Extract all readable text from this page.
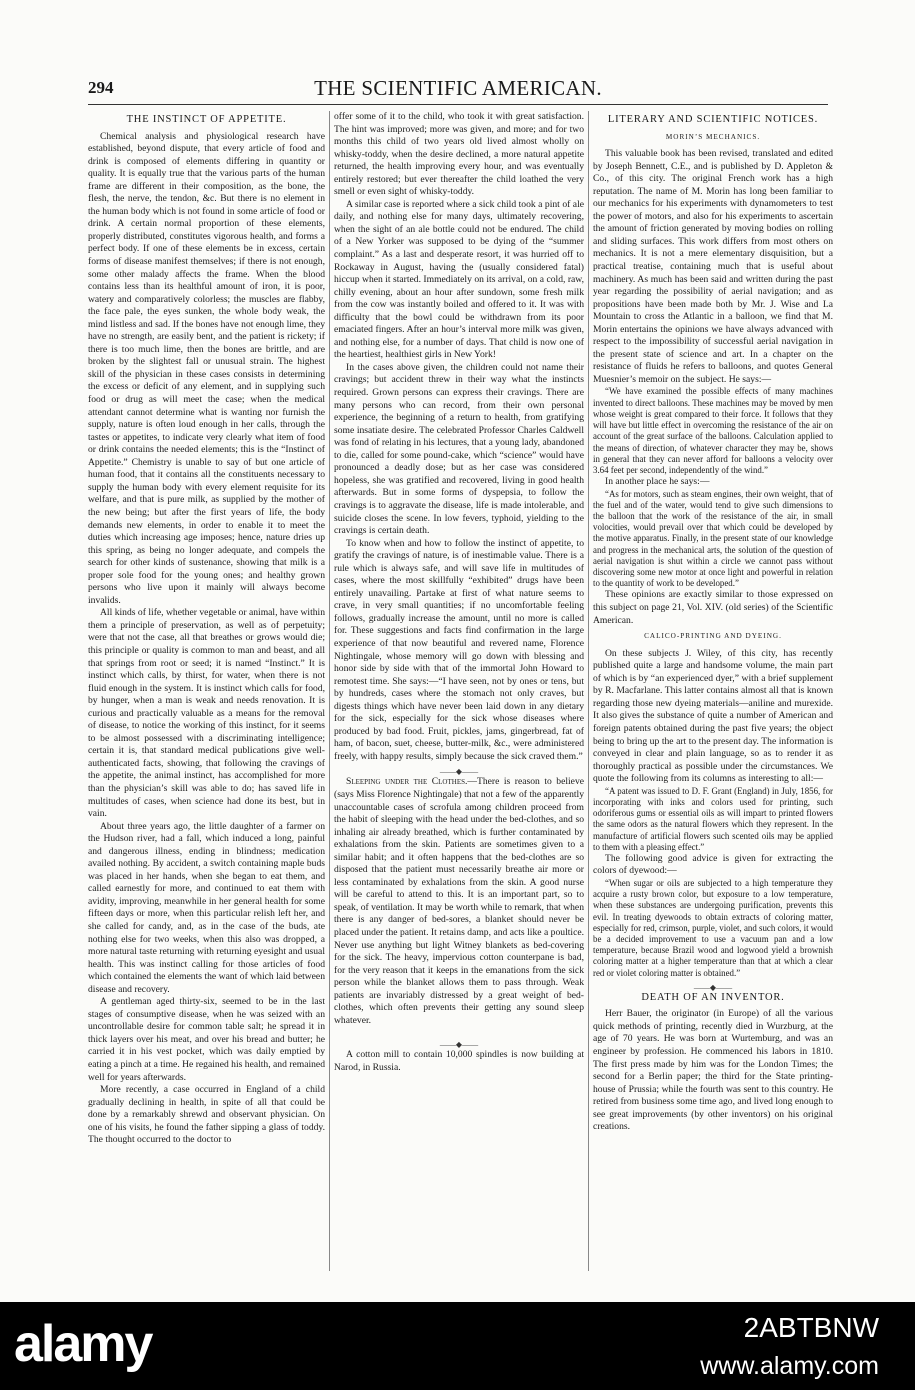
294	THE SCIENTIFIC AMERICAN.
THE INSTINCT OF APPETITE.

Chemical analysis and physiological research have established, beyond dispute, that every article of food and drink is composed of elements differing in quantity or quality. It is equally true that the various parts of the human frame are different in their composition, as the bone, the flesh, the nerve, the tendon, &c. But there is no element in the human body which is not found in some article of food or drink. A certain normal proportion of these elements, properly distributed, constitutes vigorous health, and forms a perfect body. If one of these elements be in excess, certain forms of disease manifest themselves; if there is not enough, some other malady affects the frame. When the blood contains less than its healthful amount of iron, it is poor, watery and comparatively colorless; the muscles are flabby, the face pale, the eyes sunken, the whole body weak, the mind listless and sad. If the bones have not enough lime, they have no strength, are easily bent, and the patient is rickety; if there is too much lime, then the bones are brittle, and are broken by the slightest fall or unusual strain. The highest skill of the physician in these cases consists in determining the excess or deficit of any element, and in supplying such food or drug as will meet the case; when the medical attendant cannot determine what is wanting nor furnish the supply, nature is often loud enough in her calls, through the tastes or appetites, to indicate very clearly what item of food or drink contains the needed elements; this is the “Instinct of Appetite.” Chemistry is unable to say of but one article of human food, that it contains all the constituents necessary to supply the human body with every element requisite for its welfare, and that is pure milk, as supplied by the mother of the new being; but after the first years of life, the body demands new elements, in order to enable it to meet the duties which increasing age imposes; hence, nature dries up this spring, as being no longer adequate, and compels the search for other kinds of sustenance, showing that milk is a proper sole food for the young ones; and healthy grown persons who live upon it mainly will always become invalids.

All kinds of life, whether vegetable or animal, have within them a principle of preservation, as well as of perpetuity; were that not the case, all that breathes or grows would die; this principle or quality is common to man and beast, and all that springs from root or seed; it is named “Instinct.” It is instinct which calls, by thirst, for water, when there is not fluid enough in the system. It is instinct which calls for food, by hunger, when a man is weak and needs renovation. It is curious and practically valuable as a means for the removal of disease, to notice the working of this instinct, for it seems to be almost possessed with a discriminating intelligence; certain it is, that standard medical publications give well-authenticated facts, showing, that following the cravings of the appetite, the animal instinct, has accomplished for more than the physician’s skill was able to do; has saved life in multitudes of cases, when science had done its best, but in vain.

About three years ago, the little daughter of a farmer on the Hudson river, had a fall, which induced a long, painful and dangerous illness, ending in blindness; medication availed nothing. By accident, a switch containing maple buds was placed in her hands, when she began to eat them, and called earnestly for more, and continued to eat them with avidity, improving, meanwhile in her general health for some fifteen days or more, when this particular relish left her, and she called for candy, and, as in the case of the buds, ate nothing else for two weeks, when this also was dropped, a more natural taste returning with returning eyesight and usual health. This was instinct calling for those articles of food which contained the elements the want of which laid between disease and recovery.

A gentleman aged thirty-six, seemed to be in the last stages of consumptive disease, when he was seized with an uncontrollable desire for common table salt; he spread it in thick layers over his meat, and over his bread and butter; he carried it in his vest pocket, which was daily emptied by eating a pinch at a time. He regained his health, and remained well for years afterwards.

More recently, a case occurred in England of a child gradually declining in health, in spite of all that could be done by a remarkably shrewd and observant physician. On one of his visits, he found the father sipping a glass of toddy. The thought occurred to the doctor to

offer some of it to the child, who took it with great satisfaction. The hint was improved; more was given, and more; and for two months this child of two years old lived almost wholly on whisky-toddy, when the desire declined, a more natural appetite returned, the health improving every hour, and was eventually entirely restored; but ever thereafter the child loathed the very smell or even sight of whisky-toddy.

A similar case is reported where a sick child took a pint of ale daily, and nothing else for many days, ultimately recovering, when the sight of an ale bottle could not be endured. The child of a New Yorker was supposed to be dying of the “summer complaint.” As a last and desperate resort, it was hurried off to Rockaway in August, having the (usually considered fatal) hiccup when it started. Immediately on its arrival, on a cold, raw, chilly evening, about an hour after sundown, some fresh milk from the cow was instantly boiled and offered to it. It was with difficulty that the bowl could be withdrawn from its poor emaciated fingers. After an hour’s interval more milk was given, and nothing else, for a number of days. That child is now one of the heartiest, healthiest girls in New York!

In the cases above given, the children could not name their cravings; but accident threw in their way what the instincts required. Grown persons can express their cravings. There are many persons who can record, from their own personal experience, the beginning of a return to health, from gratifying some insatiate desire. The celebrated Professor Charles Caldwell was fond of relating in his lectures, that a young lady, abandoned to die, called for some pound-cake, which “science” would have pronounced a deadly dose; but as her case was considered hopeless, she was gratified and recovered, living in good health afterwards. But in some forms of dyspepsia, to follow the cravings is to aggravate the disease, life is made intolerable, and suicide closes the scene. In low fevers, typhoid, yielding to the cravings is certain death.

To know when and how to follow the instinct of appetite, to gratify the cravings of nature, is of inestimable value. There is a rule which is always safe, and will save life in multitudes of cases, where the most skillfully “exhibited” drugs have been entirely unavailing. Partake at first of what nature seems to crave, in very small quantities; if no uncomfortable feeling follows, gradually increase the amount, until no more is called for. These suggestions and facts find confirmation in the large experience of that now beautiful and revered name, Florence Nightingale, whose memory will go down with blessing and honor side by side with that of the immortal John Howard to remotest time. She says:—“I have seen, not by ones or tens, but by hundreds, cases where the stomach not only craves, but digests things which have never been laid down in any dietary for the sick, especially for the sick whose diseases where produced by bad food. Fruit, pickles, jams, gingerbread, fat of ham, of bacon, suet, cheese, butter-milk, &c., were administered freely, with happy results, simply because the sick craved them.”

——◆——

Sleeping under the Clothes.—There is reason to believe (says Miss Florence Nightingale) that not a few of the apparently unaccountable cases of scrofula among children proceed from the habit of sleeping with the head under the bed-clothes, and so inhaling air already breathed, which is further contaminated by exhalations from the skin. Patients are sometimes given to a similar habit; and it often happens that the bed-clothes are so disposed that the patient must necessarily breathe air more or less contaminated by exhalations from the skin. A good nurse will be careful to attend to this. It is an important part, so to speak, of ventilation. It may be worth while to remark, that when there is any danger of bed-sores, a blanket should never be placed under the patient. It retains damp, and acts like a poultice. Never use anything but light Witney blankets as bed-covering for the sick. The heavy, impervious cotton counterpane is bad, for the very reason that it keeps in the emanations from the sick person while the blanket allows them to pass through. Weak patients are invariably distressed by a great weight of bed-clothes, which often prevents their getting any sound sleep whatever.

——◆——

A cotton mill to contain 10,000 spindles is now building at Narod, in Russia.

LITERARY AND SCIENTIFIC NOTICES.
MORIN’S MECHANICS.

This valuable book has been revised, translated and edited by Joseph Bennett, C.E., and is published by D. Appleton & Co., of this city. The original French work has a high reputation. The name of M. Morin has long been familiar to our mechanics for his experiments with dynamometers to test the power of motors, and also for his experiments to ascertain the amount of friction generated by moving bodies on rolling and sliding surfaces. This work differs from most others on mechanics. It is not a mere elementary disquisition, but a practical treatise, containing much that is useful about machinery. As much has been said and written during the past year regarding the possibility of aerial navigation; and as propositions have been made both by Mr. J. Wise and La Mountain to cross the Atlantic in a balloon, we find that M. Morin entertains the opinions we have always advanced with respect to the impossibility of successful aerial navigation in the present state of science and art. In a chapter on the resistance of fluids he refers to balloons, and quotes General Muesnier’s memoir on the subject. He says:—

“We have examined the possible effects of many machines invented to direct balloons. These machines may be moved by men whose weight is great compared to their force. It follows that they will have but little effect in overcoming the resistance of the air on account of the great surface of the balloons. Calculation applied to the means of direction, of whatever character they may be, shows in general that they can never afford for balloons a velocity over 3.64 feet per second, independently of the wind.”

In another place he says:—

“As for motors, such as steam engines, their own weight, that of the fuel and of the water, would tend to give such dimensions to the balloon that the work of the resistance of the air, in small volocities, would prevail over that which could be developed by the motive apparatus. Finally, in the present state of our knowledge and progress in the mechanical arts, the solution of the question of aerial navigation is shut within a circle we cannot pass without discovering some new motor at once light and powerful in relation to the quantity of work to be developed.”

These opinions are exactly similar to those expressed on this subject on page 21, Vol. XIV. (old series) of the Scientific American.

CALICO-PRINTING AND DYEING.

On these subjects J. Wiley, of this city, has recently published quite a large and handsome volume, the main part of which is by “an experienced dyer,” with a brief supplement by R. Macfarlane. This latter contains almost all that is known regarding those new dyeing materials—aniline and murexide. It also gives the substance of quite a number of American and foreign patents obtained during the past five years; the object being to bring up the art to the present day. The information is conveyed in clear and plain language, so as to render it as thoroughly practical as possible under the circumstances. We quote the following from its columns as interesting to all:—

“A patent was issued to D. F. Grant (England) in July, 1856, for incorporating with inks and colors used for printing, such odoriferous gums or essential oils as will impart to printed flowers the same odors as the natural flowers which they represent. In the manufacture of artificial flowers such scented oils may be applied to them with a pleasing effect.”

The following good advice is given for extracting the colors of dyewood:—

“When sugar or oils are subjected to a high temperature they acquire a rusty brown color, but exposure to a low temperature, when these substances are undergoing purification, prevents this evil. In treating dyewoods to obtain extracts of coloring matter, especially for red, crimson, purple, violet, and such colors, it would be a decided improvement to use a vacuum pan and a low temperature, because Brazil wood and logwood yield a brownish coloring matter at a higher temperature than that at which a clear red or violet coloring matter is obtained.”

——◆——
DEATH OF AN INVENTOR.

Herr Bauer, the originator (in Europe) of all the various quick methods of printing, recently died in Wurzburg, at the age of 70 years. He was born at Wurtemburg, and was an engineer by profession. He commenced his labors in 1810. The first press made by him was for the London Times; the second for a Berlin paper; the third for the State printing-house of Prussia; while the fourth was sent to this country. He retired from business some time ago, and lived long enough to see great improvements (by other inventors) on his original creations.

alamy	2ABTBNW
www.alamy.com
